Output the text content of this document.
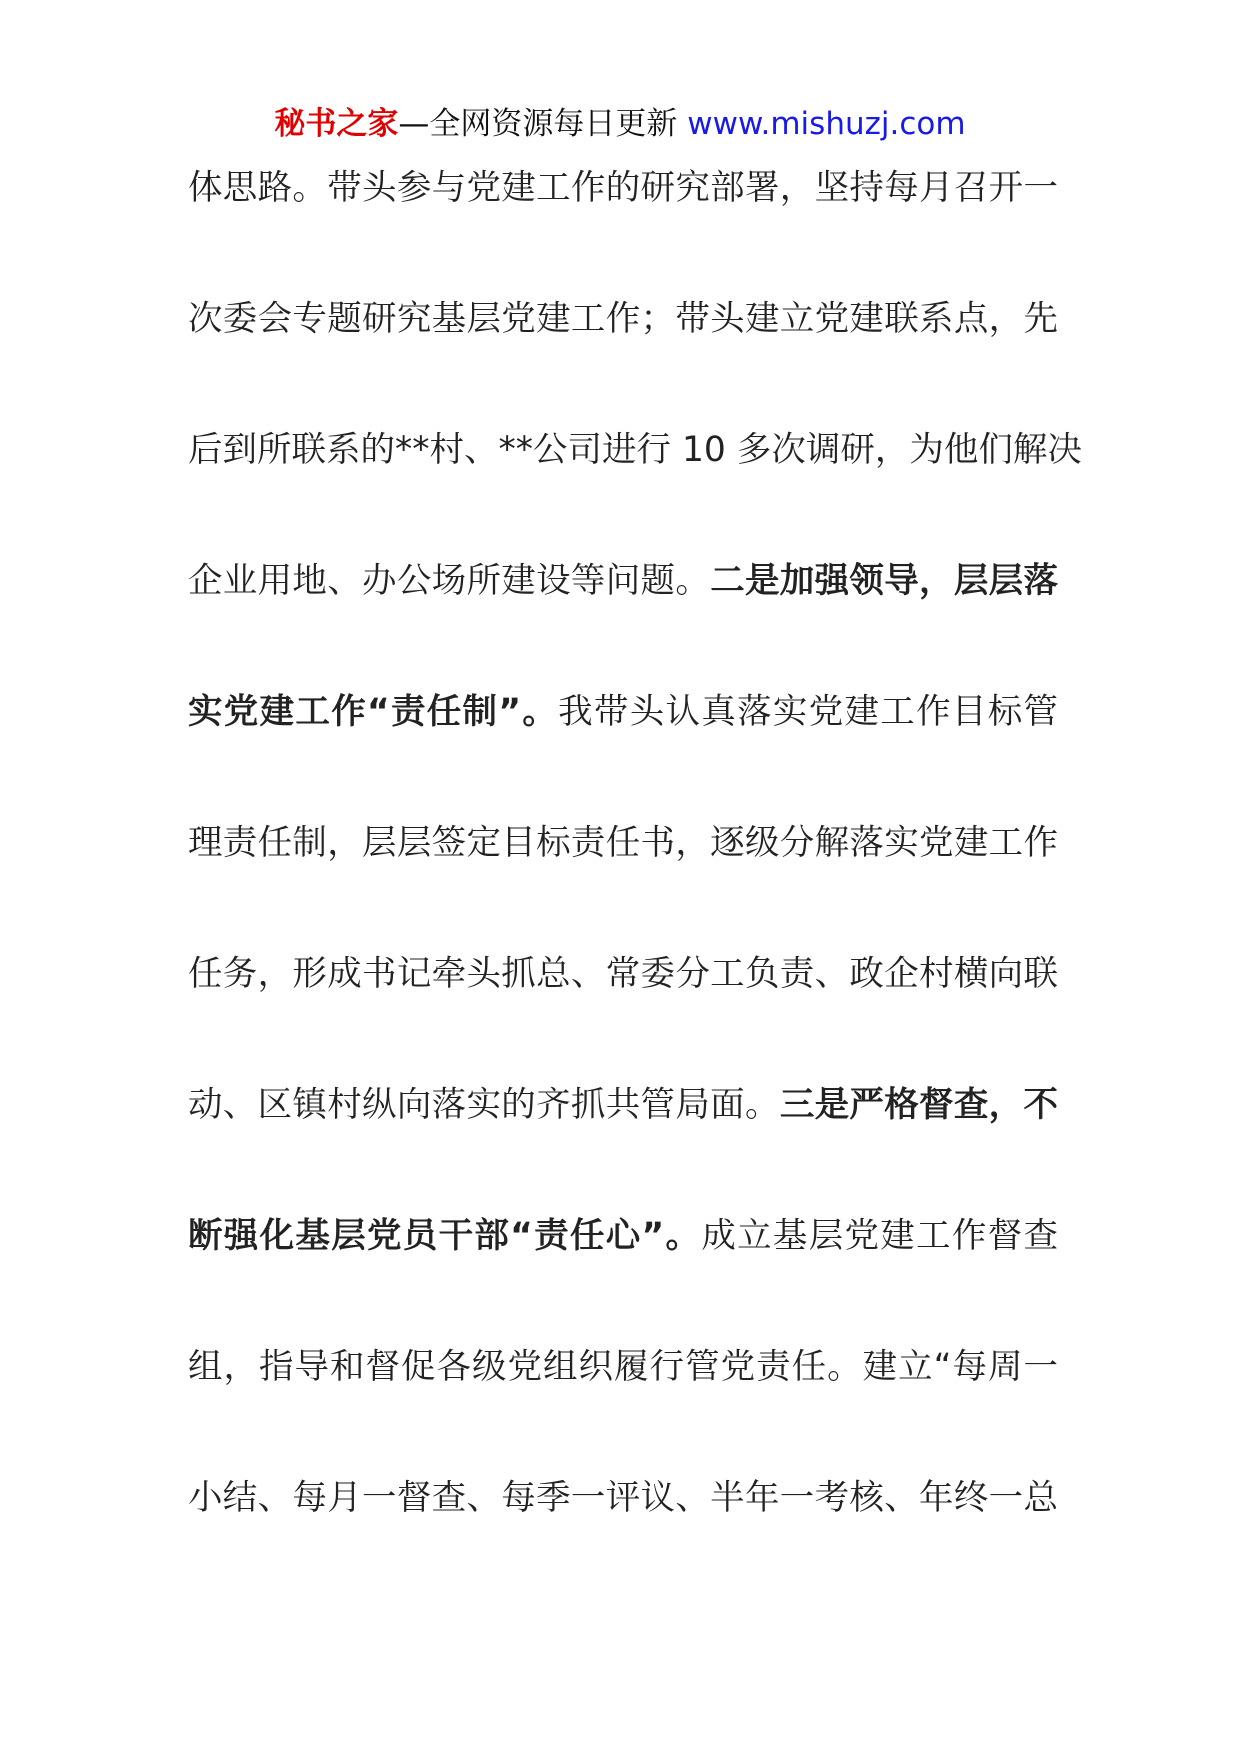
秘书之家—全网资源每日更新 www.mishuzj.com
体思路。带头参与党建工作的研究部署，坚持每月召开一
次委会专题研究基层党建工作；带头建立党建联系点，先
后到所联系的**村、**公司进行 10 多次调研，为他们解决
企业用地、办公场所建设等问题。二是加强领导，层层落
实党建工作“责任制”。我带头认真落实党建工作目标管
理责任制，层层签定目标责任书，逐级分解落实党建工作
任务，形成书记牵头抓总、常委分工负责、政企村横向联
动、区镇村纵向落实的齐抓共管局面。三是严格督查，不
断强化基层党员干部“责任心”。成立基层党建工作督查
组，指导和督促各级党组织履行管党责任。建立“每周一
小结、每月一督查、每季一评议、半年一考核、年终一总
